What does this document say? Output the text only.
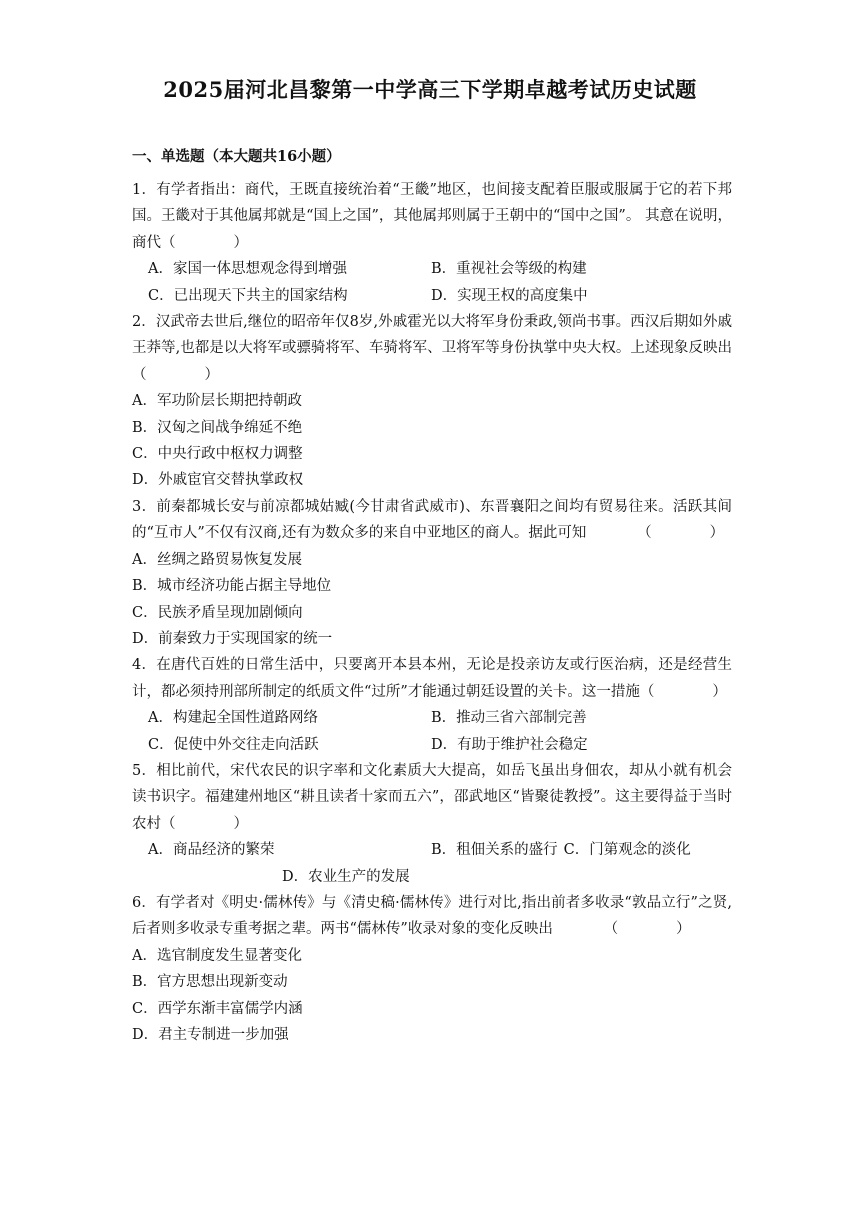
2025届河北昌黎第一中学高三下学期卓越考试历史试题
一、单选题（本大题共16小题）
1．有学者指出：商代，王既直接统治着“王畿”地区，也间接支配着臣服或服属于它的若下邦国。王畿对于其他属邦就是“国上之国”，其他属邦则属于王朝中的“国中之国”。 其意在说明，商代（　　　　）
A．家国一体思想观念得到增强	B．重视社会等级的构建
C．已出现天下共主的国家结构	D．实现王权的高度集中
2．汉武帝去世后,继位的昭帝年仅8岁,外戚霍光以大将军身份秉政,领尚书事。西汉后期如外戚王莽等,也都是以大将军或骠骑将军、车骑将军、卫将军等身份执掌中央大权。上述现象反映出　　　　　（　　　　）
A．军功阶层长期把持朝政
B．汉匈之间战争绵延不绝
C．中央行政中枢权力调整
D．外戚宦官交替执掌政权
3．前秦都城长安与前凉都城姑臧(今甘肃省武威市)、东晋襄阳之间均有贸易往来。活跃其间的“互市人”不仅有汉商,还有为数众多的来自中亚地区的商人。据此可知　　　　（　　　　）
A．丝绸之路贸易恢复发展
B．城市经济功能占据主导地位
C．民族矛盾呈现加剧倾向
D．前秦致力于实现国家的统一
4．在唐代百姓的日常生活中，只要离开本县本州，无论是投亲访友或行医治病，还是经营生计，都必须持刑部所制定的纸质文件“过所”才能通过朝廷设置的关卡。这一措施（　　　　）
A．构建起全国性道路网络	B．推动三省六部制完善
C．促使中外交往走向活跃	D．有助于维护社会稳定
5．相比前代，宋代农民的识字率和文化素质大大提高，如岳飞虽出身佃农，却从小就有机会读书识字。福建建州地区“耕且读者十家而五六”，邵武地区“皆聚徒教授”。这主要得益于当时农村（　　　　）
A．商品经济的繁荣	B．租佃关系的盛行 C．门第观念的淡化
D．农业生产的发展
6．有学者对《明史·儒林传》与《清史稿·儒林传》进行对比,指出前者多收录“敦品立行”之贤,后者则多收录专重考据之辈。两书“儒林传”收录对象的变化反映出　　　　（　　　　）
A．选官制度发生显著变化
B．官方思想出现新变动
C．西学东渐丰富儒学内涵
D．君主专制进一步加强
